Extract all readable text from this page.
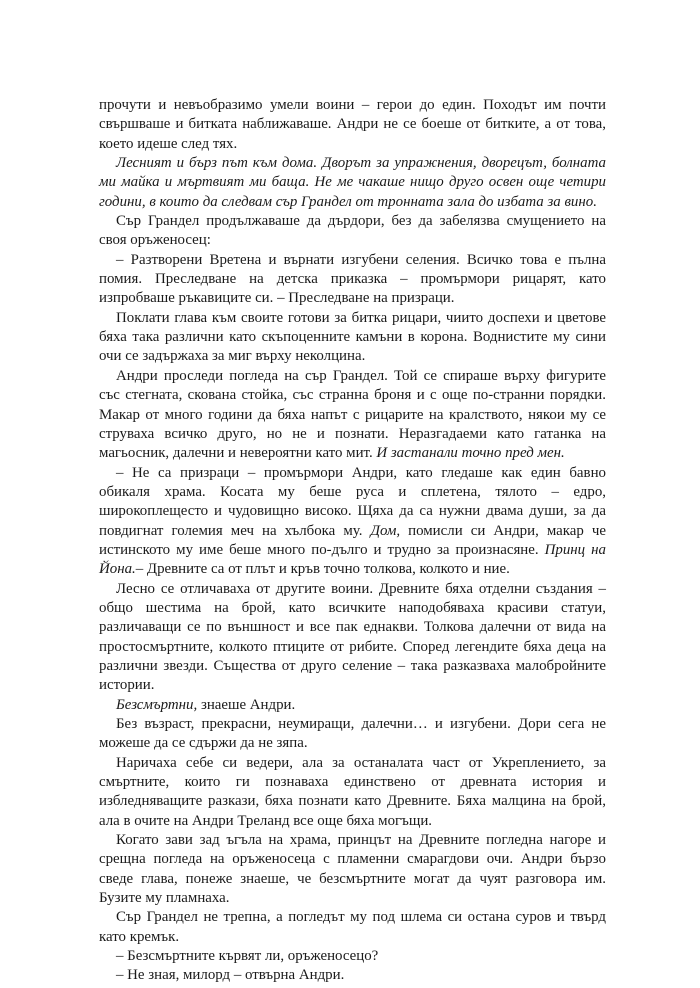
прочути и невъобразимо умели воини – герои до един. Походът им почти свършваше и битката наближаваше. Андри не се боеше от битките, а от това, което идеше след тях.

Лесният и бърз път към дома. Дворът за упражнения, дворецът, болната ми майка и мъртвият ми баща. Не ме чакаше нищо друго освен още четири години, в които да следвам сър Грандел от тронната зала до избата за вино.

Сър Грандел продължаваше да дърдори, без да забелязва смущението на своя оръженосец:

– Разтворени Вретена и върнати изгубени селения. Всичко това е пълна помия. Преследване на детска приказка – промърмори рицарят, като изпробваше ръкавиците си. – Преследване на призраци.

Поклати глава към своите готови за битка рицари, чиито доспехи и цветове бяха така различни като скъпоценните камъни в корона. Воднистите му сини очи се задържаха за миг върху неколцина.

Андри проследи погледа на сър Грандел. Той се спираше върху фигурите със стегната, скована стойка, със странна броня и с още по-странни порядки. Макар от много години да бяха напът с рицарите на кралството, някои му се струваха всичко друго, но не и познати. Неразгадаеми като гатанка на магьосник, далечни и невероятни като мит. И застанали точно пред мен.

– Не са призраци – промърмори Андри, като гледаше как един бавно обикаля храма. Косата му беше руса и сплетена, тялото – едро, широкоплещесто и чудовищно високо. Щяха да са нужни двама души, за да повдигнат големия меч на хълбока му. Дом, помисли си Андри, макар че истинското му име беше много по-дълго и трудно за произнасяне. Принц на Йона.– Древните са от плът и кръв точно толкова, колкото и ние.

Лесно се отличаваха от другите воини. Древните бяха отделни създания – общо шестима на брой, като всичките наподобяваха красиви статуи, различаващи се по външност и все пак еднакви. Толкова далечни от вида на простосмъртните, колкото птиците от рибите. Според легендите бяха деца на различни звезди. Същества от друго селение – така разказваха малобройните истории.

Безсмъртни, знаеше Андри.

Без възраст, прекрасни, неумиращи, далечни… и изгубени. Дори сега не можеше да се сдържи да не зяпа.

Наричаха себе си ведери, ала за останалата част от Укреплението, за смъртните, които ги познаваха единствено от древната история и избледняващите разкази, бяха познати като Древните. Бяха малцина на брой, ала в очите на Андри Треланд все още бяха могъщи.

Когато зави зад ъгъла на храма, принцът на Древните погледна нагоре и срещна погледа на оръженосеца с пламенни смарагдови очи. Андри бързо сведе глава, понеже знаеше, че безсмъртните могат да чуят разговора им. Бузите му пламнаха.

Сър Грандел не трепна, а погледът му под шлема си остана суров и твърд като кремък.

– Безсмъртните кървят ли, оръженосецо?

– Не зная, милорд – отвърна Андри.
